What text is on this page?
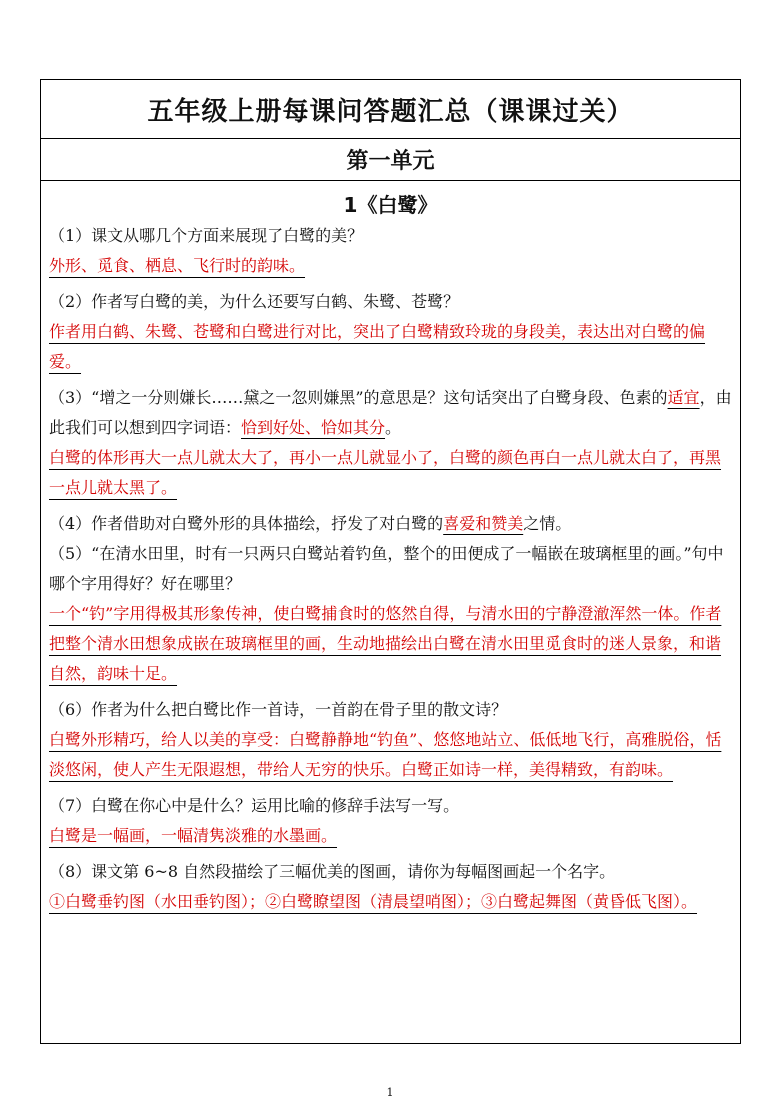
五年级上册每课问答题汇总（课课过关）
第一单元
1《白鹭》

（1）课文从哪几个方面来展现了白鹭的美？

外形、觅食、栖息、飞行时的韵味。

（2）作者写白鹭的美，为什么还要写白鹤、朱鹭、苍鹭？

作者用白鹤、朱鹭、苍鹭和白鹭进行对比，突出了白鹭精致玲珑的身段美，表达出对白鹭的偏爱。

（3）“增之一分则嫌长……黛之一忽则嫌黑”的意思是？这句话突出了白鹭身段、色素的适宜，由此我们可以想到四字词语：恰到好处、恰如其分。

白鹭的体形再大一点儿就太大了，再小一点儿就显小了，白鹭的颜色再白一点儿就太白了，再黑一点儿就太黑了。

（4）作者借助对白鹭外形的具体描绘，抒发了对白鹭的喜爱和赞美之情。

（5）“在清水田里，时有一只两只白鹭站着钓鱼，整个的田便成了一幅嵌在玻璃框里的画。”句中哪个字用得好？好在哪里？

一个“钓”字用得极其形象传神，使白鹭捕食时的悠然自得，与清水田的宁静澄澈浑然一体。作者把整个清水田想象成嵌在玻璃框里的画，生动地描绘出白鹭在清水田里觅食时的迷人景象，和谐自然，韵味十足。

（6）作者为什么把白鹭比作一首诗，一首韵在骨子里的散文诗？

白鹭外形精巧，给人以美的享受：白鹭静静地“钓鱼”、悠悠地站立、低低地飞行，高雅脱俗，恬淡悠闲，使人产生无限遐想，带给人无穷的快乐。白鹭正如诗一样，美得精致，有韵味。

（7）白鹭在你心中是什么？运用比喻的修辞手法写一写。

白鹭是一幅画，一幅清隽淡雅的水墨画。

（8）课文第 6~8 自然段描绘了三幅优美的图画，请你为每幅图画起一个名字。

①白鹭垂钓图（水田垂钓图）；②白鹭瞭望图（清晨望哨图）；③白鹭起舞图（黄昏低飞图）。

1
